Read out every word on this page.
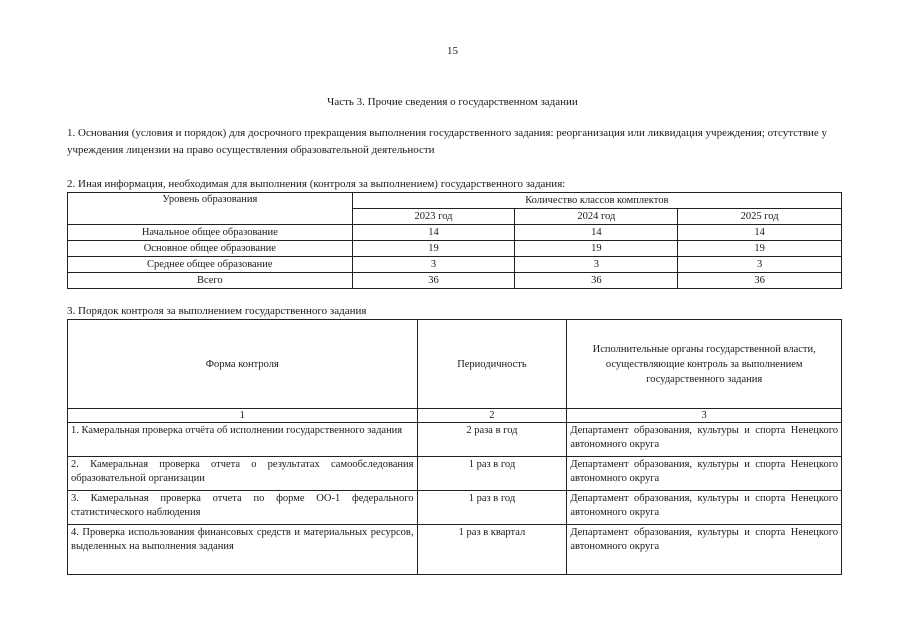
15
Часть 3. Прочие сведения о государственном задании
1. Основания (условия и порядок) для досрочного прекращения выполнения государственного задания: реорганизация или ликвидация учреждения; отсутствие у учреждения лицензии на право осуществления образовательной деятельности
2. Иная информация, необходимая для выполнения (контроля за выполнением) государственного задания:
Уровень образования	Количество классов комплектов		
	2023 год	2024 год	2025 год
Начальное общее образование	14	14	14
Основное общее образование	19	19	19
Среднее общее образование	3	3	3
Всего	36	36	36
3. Порядок контроля за выполнением государственного задания
Форма контроля	Периодичность	Исполнительные органы государственной власти, осуществляющие контроль за выполнением государственного задания
1	2	3
1. Камеральная проверка отчёта об исполнении государственного задания	2 раза в год	Департамент образования, культуры и спорта Ненецкого автономного округа
2. Камеральная проверка отчета о результатах самообследования образовательной организации	1 раз в год	Департамент образования, культуры и спорта Ненецкого автономного округа
3. Камеральная проверка отчета по форме ОО-1 федерального статистического наблюдения	1 раз в год	Департамент образования, культуры и спорта Ненецкого автономного округа
4. Проверка использования финансовых средств и материальных ресурсов, выделенных на выполнения задания	1 раз в квартал	Департамент образования, культуры и спорта Ненецкого автономного округа
